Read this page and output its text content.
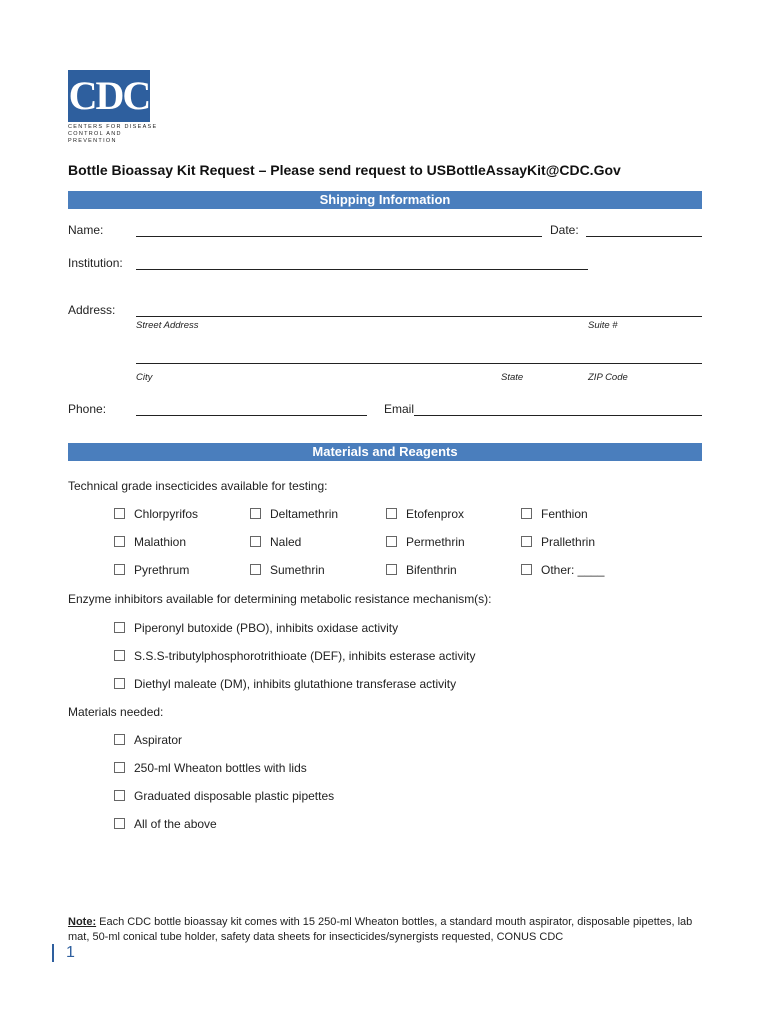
CDC
CENTERS FOR DISEASE
CONTROL AND PREVENTION
Bottle Bioassay Kit Request – Please send request to USBottleAssayKit@CDC.Gov
Shipping Information
Name:	Date:
Institution:
Address:
Street Address	Suite #
City	State	ZIP Code
Phone:	Email
Materials and Reagents
Technical grade insecticides available for testing:
Chlorpyrifos	Deltamethrin	Etofenprox	Fenthion
Malathion	Naled	Permethrin	Prallethrin
Pyrethrum	Sumethrin	Bifenthrin	Other: ____
Enzyme inhibitors available for determining metabolic resistance mechanism(s):
Piperonyl butoxide (PBO), inhibits oxidase activity
S.S.S-tributylphosphorotrithioate (DEF), inhibits esterase activity
Diethyl maleate (DM), inhibits glutathione transferase activity
Materials needed:
Aspirator
250-ml Wheaton bottles with lids
Graduated disposable plastic pipettes
All of the above
Note: Each CDC bottle bioassay kit comes with 15 250-ml Wheaton bottles, a standard mouth aspirator, disposable pipettes, lab mat, 50-ml conical tube holder, safety data sheets for insecticides/synergists requested, CONUS CDC
1
